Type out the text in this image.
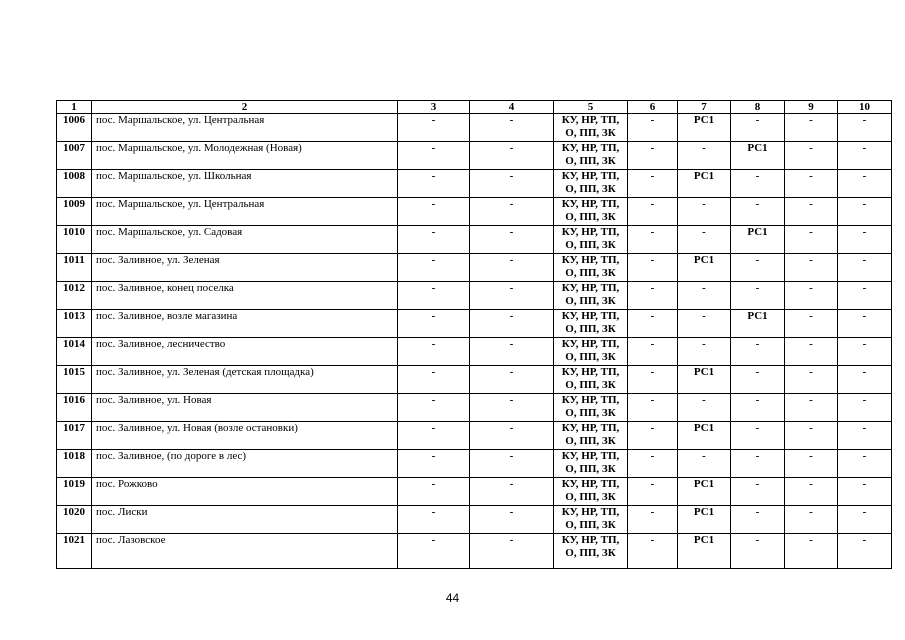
1	2	3	4	5	6	7	8	9	10
1006	пос. Маршальское, ул. Центральная	-	-	КУ, НР, ТП,
О, ПП, ЗК	-	РС1	-	-	-
1007	пос. Маршальское, ул. Молодежная (Новая)	-	-	КУ, НР, ТП,
О, ПП, ЗК	-	-	РС1	-	-
1008	пос. Маршальское, ул. Школьная	-	-	КУ, НР, ТП,
О, ПП, ЗК	-	РС1	-	-	-
1009	пос. Маршальское, ул. Центральная	-	-	КУ, НР, ТП,
О, ПП, ЗК	-	-	-	-	-
1010	пос. Маршальское, ул. Садовая	-	-	КУ, НР, ТП,
О, ПП, ЗК	-	-	РС1	-	-
1011	пос. Заливное, ул. Зеленая	-	-	КУ, НР, ТП,
О, ПП, ЗК	-	РС1	-	-	-
1012	пос. Заливное, конец поселка	-	-	КУ, НР, ТП,
О, ПП, ЗК	-	-	-	-	-
1013	пос. Заливное, возле магазина	-	-	КУ, НР, ТП,
О, ПП, ЗК	-	-	РС1	-	-
1014	пос. Заливное, лесничество	-	-	КУ, НР, ТП,
О, ПП, ЗК	-	-	-	-	-
1015	пос. Заливное, ул. Зеленая (детская площадка)	-	-	КУ, НР, ТП,
О, ПП, ЗК	-	РС1	-	-	-
1016	пос. Заливное, ул. Новая	-	-	КУ, НР, ТП,
О, ПП, ЗК	-	-	-	-	-
1017	пос. Заливное, ул. Новая (возле остановки)	-	-	КУ, НР, ТП,
О, ПП, ЗК	-	РС1	-	-	-
1018	пос. Заливное, (по дороге в лес)	-	-	КУ, НР, ТП,
О, ПП, ЗК	-	-	-	-	-
1019	пос. Рожково	-	-	КУ, НР, ТП,
О, ПП, ЗК	-	РС1	-	-	-
1020	пос. Лиски	-	-	КУ, НР, ТП,
О, ПП, ЗК	-	РС1	-	-	-
1021	пос. Лазовское	-	-	КУ, НР, ТП,
О, ПП, ЗК	-	РС1	-	-	-
44
